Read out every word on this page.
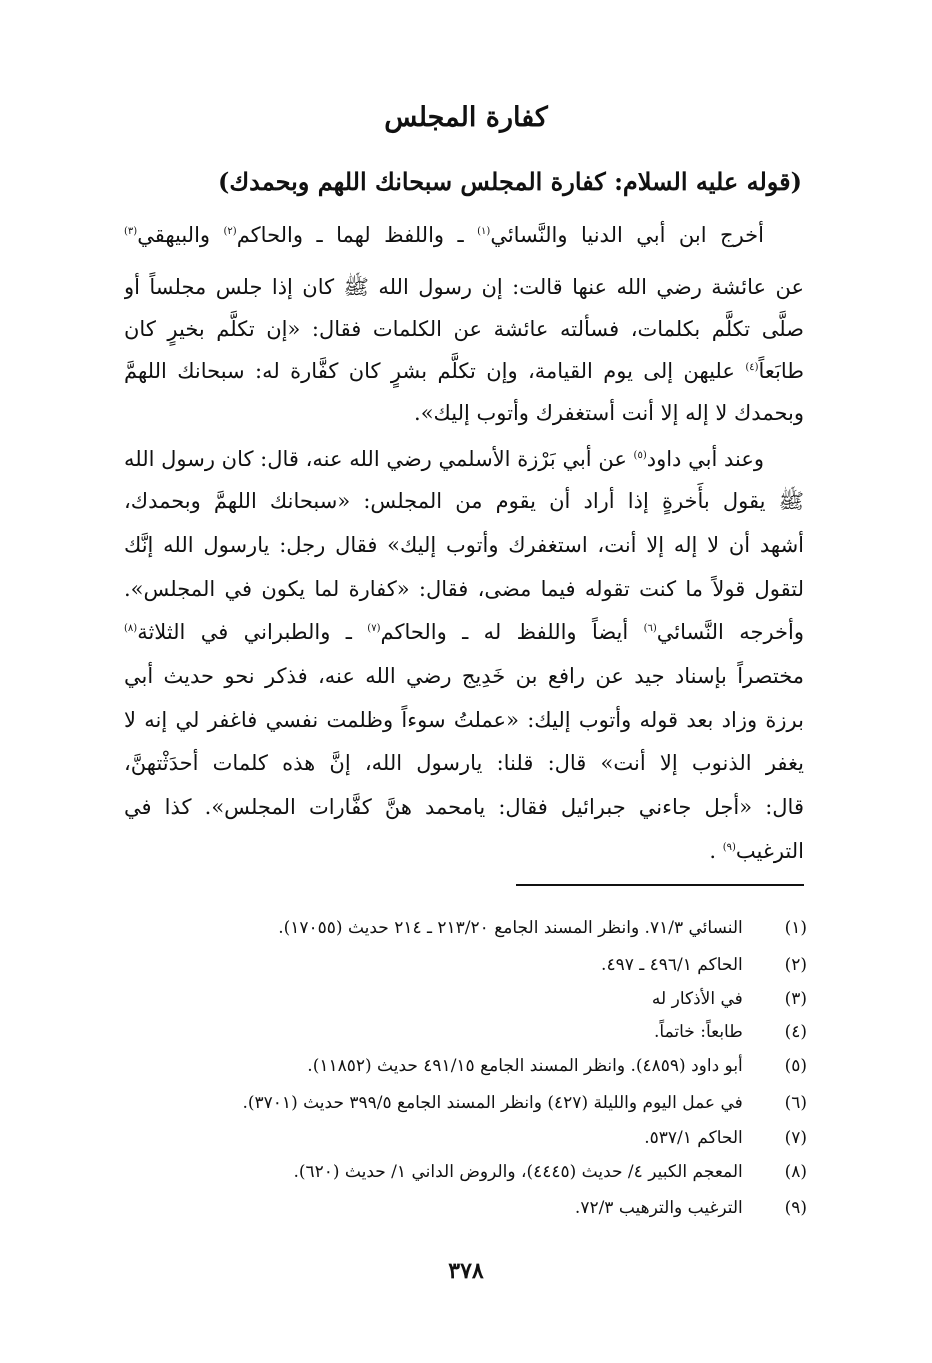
كفارة المجلس
(قوله عليه السلام: كفارة المجلس سبحانك اللهم وبحمدك)
أخرج ابن أبي الدنيا والنَّسائي$^{(١)}$ ـ واللفظ لهما ـ والحاكم$^{(٢)}$ والبيهقي$^{(٣)}$
عن عائشة رضي الله عنها قالت: إن رسول الله ﷺ كان إذا جلس مجلساً أو
صلَّى تكلَّم بكلمات، فسألته عائشة عن الكلمات فقال: «إن تكلَّم بخيرٍ كان
طابَعاً$^{(٤)}$ عليهن إلى يوم القيامة، وإن تكلَّم بشرٍ كان كفَّارة له: سبحانك اللهمَّ
وبحمدك لا إله إلا أنت أستغفرك وأتوب إليك».
وعند أبي داود$^{(٥)}$ عن أبي بَرْزة الأسلمي رضي الله عنه، قال: كان رسول الله
ﷺ يقول بأَخرةٍ إذا أراد أن يقوم من المجلس: «سبحانك اللهمَّ وبحمدك،
أشهد أن لا إله إلا أنت، استغفرك وأتوب إليك» فقال رجل: يارسول الله إنَّك
لتقول قولاً ما كنت تقوله فيما مضى، فقال: «كفارة لما يكون في المجلس».
وأخرجه النَّسائي$^{(٦)}$ أيضاً واللفظ له ـ والحاكم$^{(٧)}$ ـ والطبراني في الثلاثة$^{(٨)}$
مختصراً بإسناد جيد عن رافع بن خَدِيج رضي الله عنه، فذكر نحو حديث أبي
برزة وزاد بعد قوله وأتوب إليك: «عملتُ سوءاً وظلمت نفسي فاغفر لي إنه لا
يغفر الذنوب إلا أنت» قال: قلنا: يارسول الله، إنَّ هذه كلمات أحدَثْتهنَّ،
قال: «أجل جاءني جبرائيل فقال: يامحمد هنَّ كفَّارات المجلس». كذا في
الترغيب$^{(٩)}$ .
(١)   النسائي ٧١/٣. وانظر المسند الجامع ٢١٣/٢٠ ـ ٢١٤ حديث (١٧٠٥٥).
(٢)   الحاكم ٤٩٦/١ ـ ٤٩٧.
(٣)   في الأذكار له
(٤)   طابعاً: خاتماً.
(٥)   أبو داود (٤٨٥٩). وانظر المسند الجامع ٤٩١/١٥ حديث (١١٨٥٢).
(٦)   في عمل اليوم والليلة (٤٢٧) وانظر المسند الجامع ٣٩٩/٥ حديث (٣٧٠١).
(٧)   الحاكم ٥٣٧/١.
(٨)   المعجم الكبير ٤/ حديث (٤٤٤٥)، والروض الداني ١/ حديث (٦٢٠).
(٩)   الترغيب والترهيب ٧٢/٣.
٣٧٨
